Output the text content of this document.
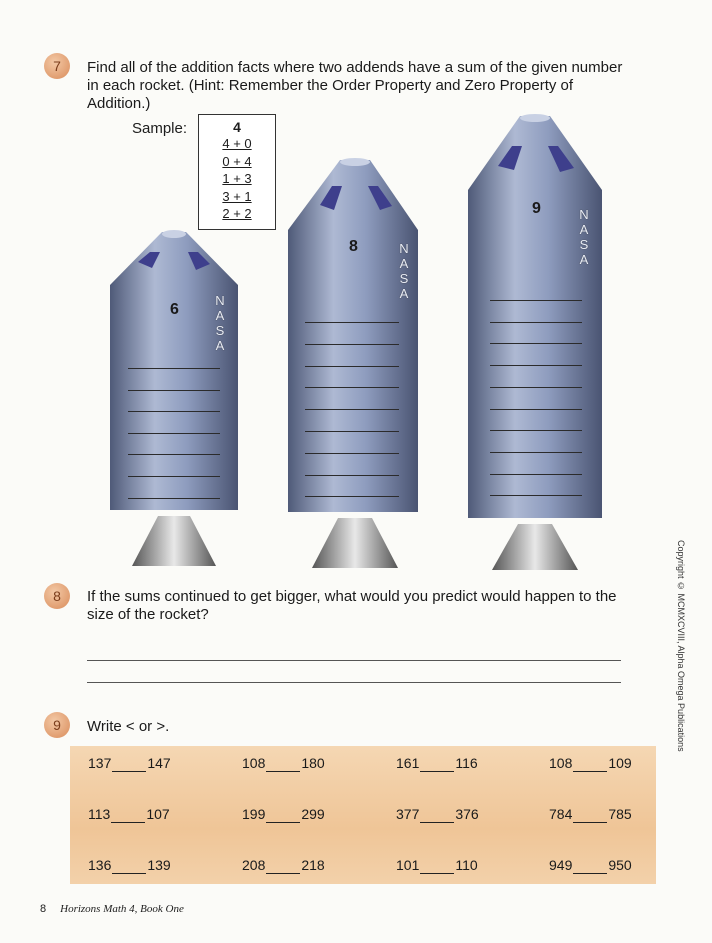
7	Find all of the addition facts where two addends have a sum of the given number
in each rocket. (Hint: Remember the Order Property and Zero Property of
Addition.)
Sample:	4
4 + 0
0 + 4
1 + 3
3 + 1
2 + 2
6
8
9
N
A
S
A
N
A
S
A
N
A
S
A
8	If the sums continued to get bigger, what would you predict would happen to the
size of the rocket?
9	Write < or >.
137	147	108	180	161	116	108	109
113	107	199	299	377	376	784	785
136	139	208	218	101	110	949	950
Copyright © MCMXCVIII, Alpha Omega Publications
8 Horizons Math 4, Book One
